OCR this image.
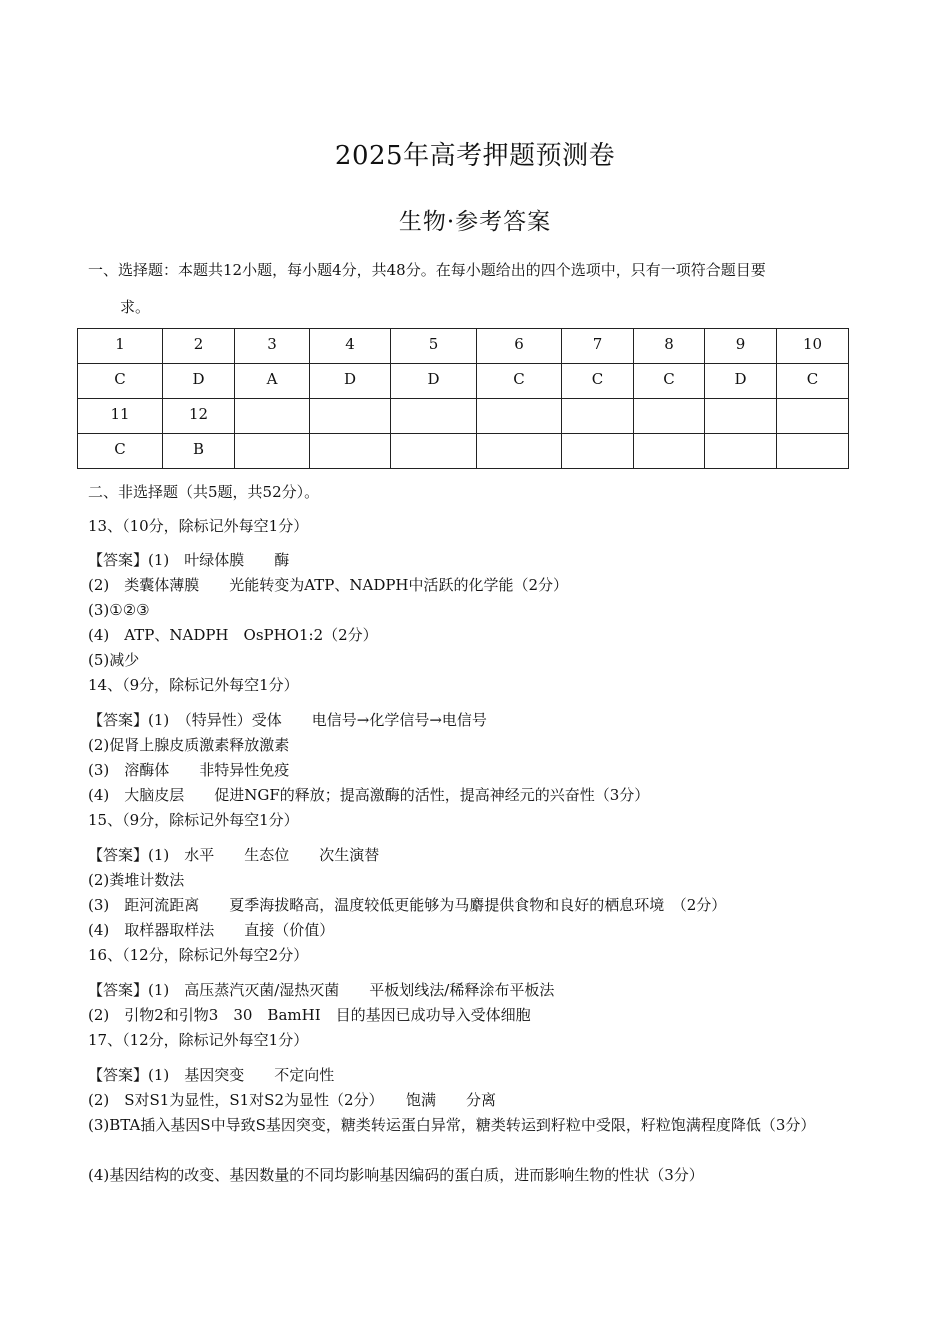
2025年高考押题预测卷
生物·参考答案
一、选择题：本题共12小题，每小题4分，共48分。在每小题给出的四个选项中，只有一项符合题目要
求。
1	2	3	4	5	6	7	8	9	10
C	D	A	D	D	C	C	C	D	C
11	12								
C	B								
二、非选择题（共5题，共52分）。
13、（10分，除标记外每空1分）
【答案】(1)　叶绿体膜　　酶
(2)　类囊体薄膜　　光能转变为ATP、NADPH中活跃的化学能（2分）
(3)①②③
(4)　ATP、NADPH　OsPHO1:2（2分）
(5)减少
14、（9分，除标记外每空1分）
【答案】(1)　（特异性）受体　　电信号→化学信号→电信号
(2)促肾上腺皮质激素释放激素
(3)　溶酶体　　非特异性免疫
(4)　大脑皮层　　促进NGF的释放；提高激酶的活性，提高神经元的兴奋性（3分）
15、（9分，除标记外每空1分）
【答案】(1)　水平　　生态位　　次生演替
(2)粪堆计数法
(3)　距河流距离　　夏季海拔略高，温度较低更能够为马麝提供食物和良好的栖息环境　（2分）
(4)　取样器取样法　　直接（价值）
16、（12分，除标记外每空2分）
【答案】(1)　高压蒸汽灭菌/湿热灭菌　　平板划线法/稀释涂布平板法
(2)　引物2和引物3　30　BamHI　目的基因已成功导入受体细胞
17、（12分，除标记外每空1分）
【答案】(1)　基因突变　　不定向性
(2)　S对S1为显性，S1对S2为显性（2分）　　饱满　　分离
(3)BTA插入基因S中导致S基因突变，糖类转运蛋白异常，糖类转运到籽粒中受限，籽粒饱满程度降低（3分）
(4)基因结构的改变、基因数量的不同均影响基因编码的蛋白质，进而影响生物的性状（3分）
